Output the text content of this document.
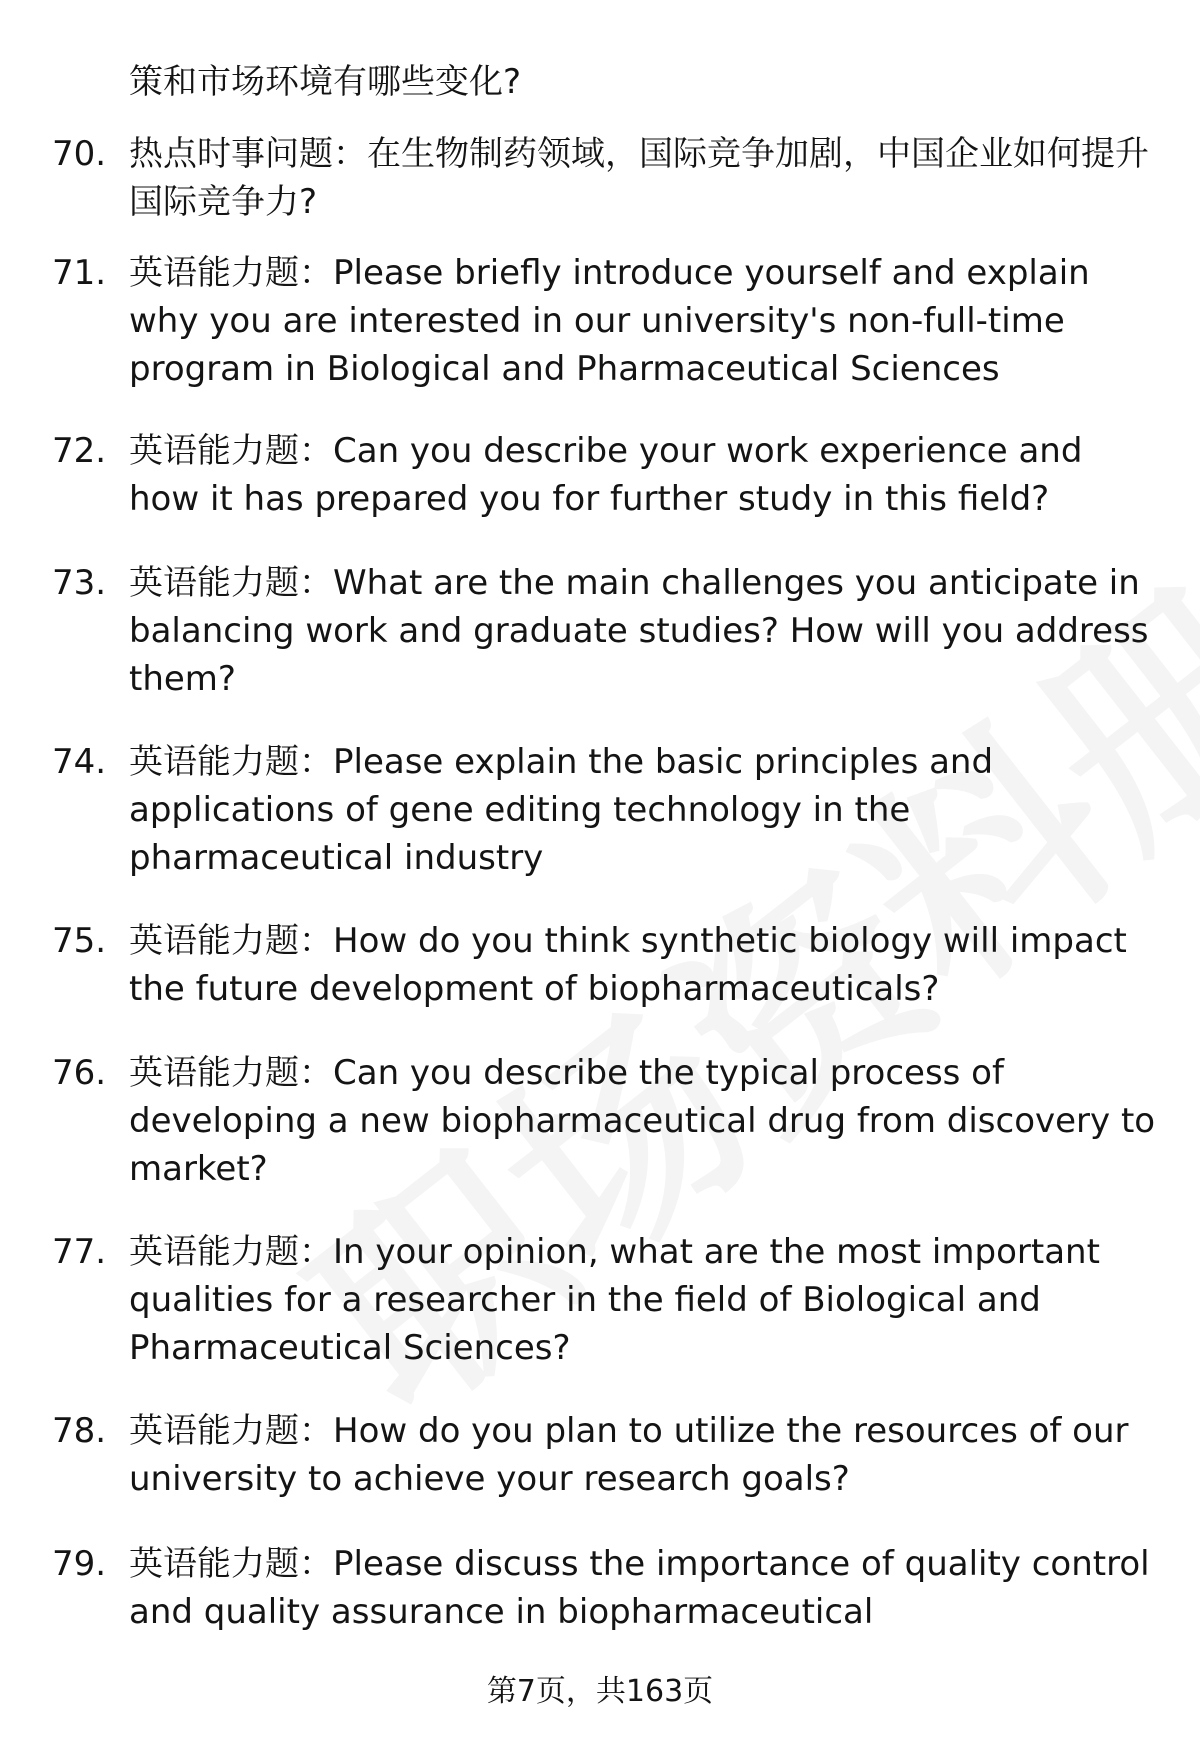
策和市场环境有哪些变化?

70. 热点时事问题：在生物制药领域，国际竞争加剧，中国企业如何提升国际竞争力?
71. 英语能力题：Please briefly introduce yourself and explain why you are interested in our university's non-full-time program in Biological and Pharmaceutical Sciences
72. 英语能力题：Can you describe your work experience and how it has prepared you for further study in this field?
73. 英语能力题：What are the main challenges you anticipate in balancing work and graduate studies? How will you address them?
74. 英语能力题：Please explain the basic principles and applications of gene editing technology in the pharmaceutical industry
75. 英语能力题：How do you think synthetic biology will impact the future development of biopharmaceuticals?
76. 英语能力题：Can you describe the typical process of developing a new biopharmaceutical drug from discovery to market?
77. 英语能力题：In your opinion, what are the most important qualities for a researcher in the field of Biological and Pharmaceutical Sciences?
78. 英语能力题：How do you plan to utilize the resources of our university to achieve your research goals?
79. 英语能力题：Please discuss the importance of quality control and quality assurance in biopharmaceutical
第7页，共163页
